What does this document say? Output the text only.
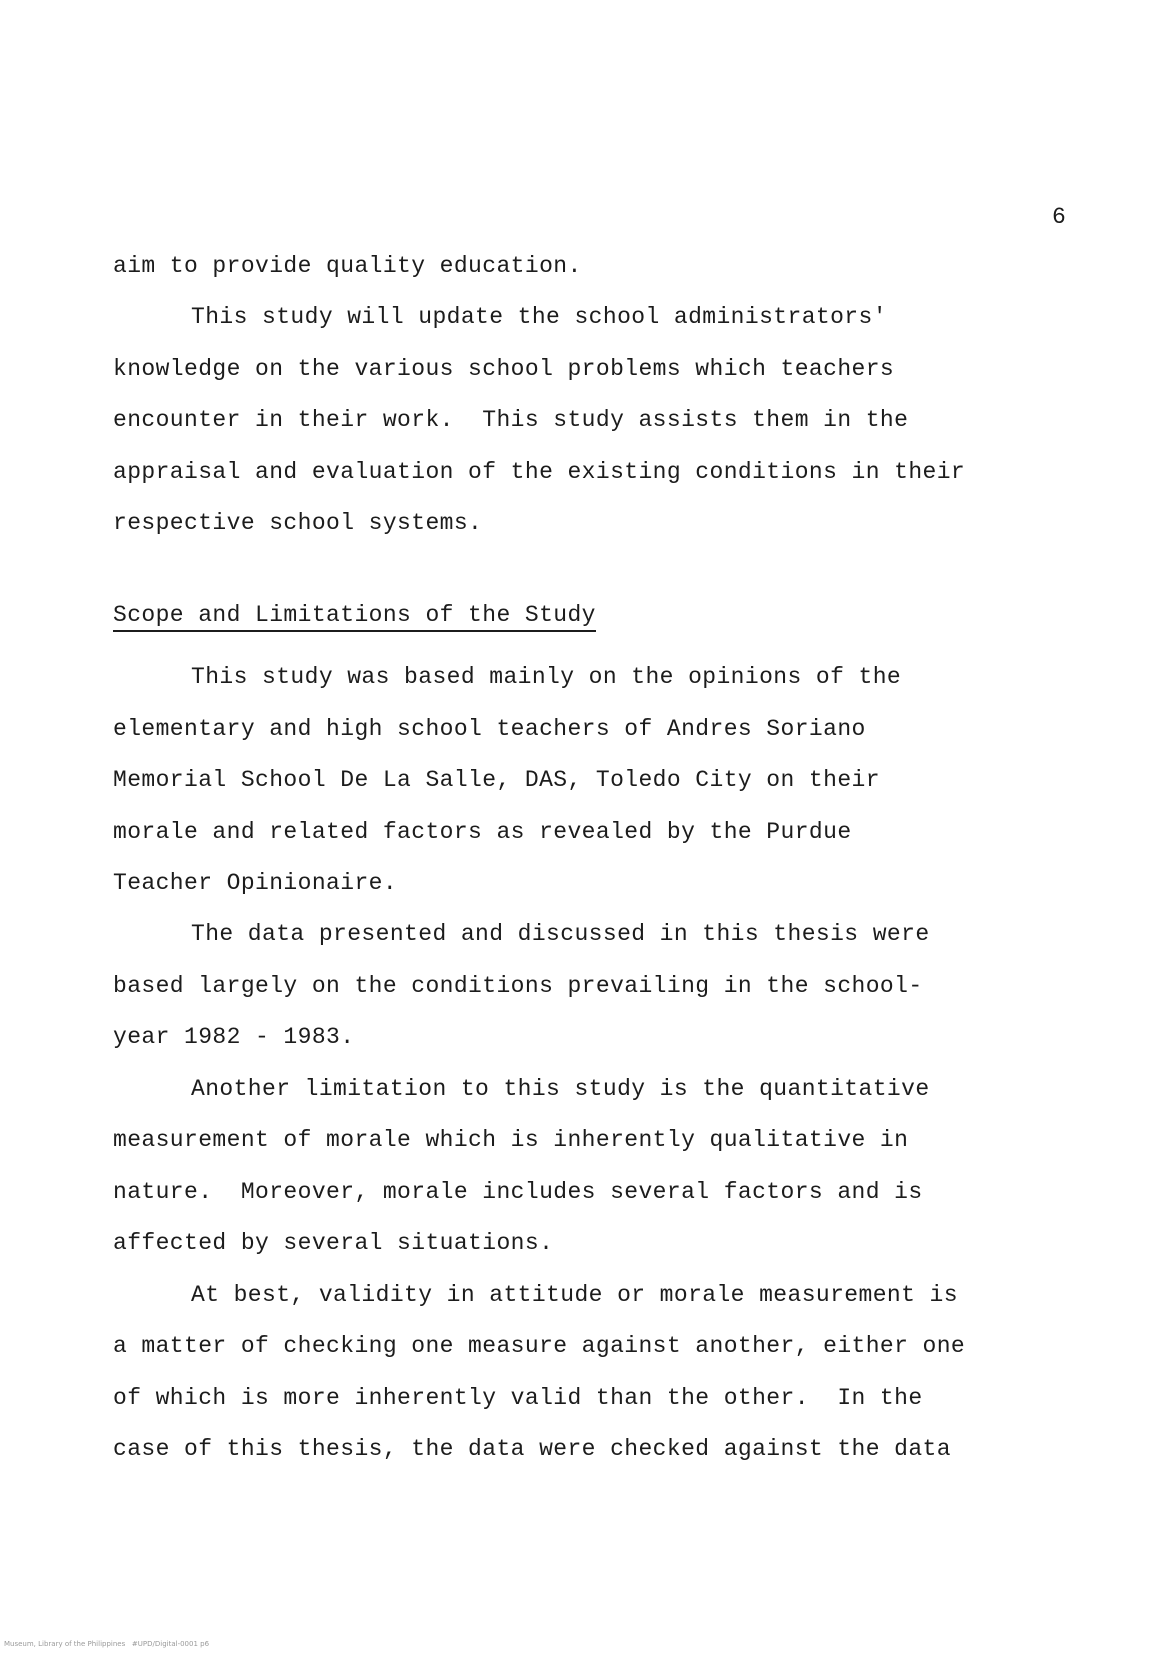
6
aim to provide quality education.
This study will update the school administrators'
knowledge on the various school problems which teachers
encounter in their work.  This study assists them in the
appraisal and evaluation of the existing conditions in their
respective school systems.
Scope and Limitations of the Study
This study was based mainly on the opinions of the
elementary and high school teachers of Andres Soriano
Memorial School De La Salle, DAS, Toledo City on their
morale and related factors as revealed by the Purdue
Teacher Opinionaire.
The data presented and discussed in this thesis were
based largely on the conditions prevailing in the school-
year 1982 - 1983.
Another limitation to this study is the quantitative
measurement of morale which is inherently qualitative in
nature.  Moreover, morale includes several factors and is
affected by several situations.
At best, validity in attitude or morale measurement is
a matter of checking one measure against another, either one
of which is more inherently valid than the other.  In the
case of this thesis, the data were checked against the data
Museum, Library of the Philippines   #UPD/Digital-0001 p6
